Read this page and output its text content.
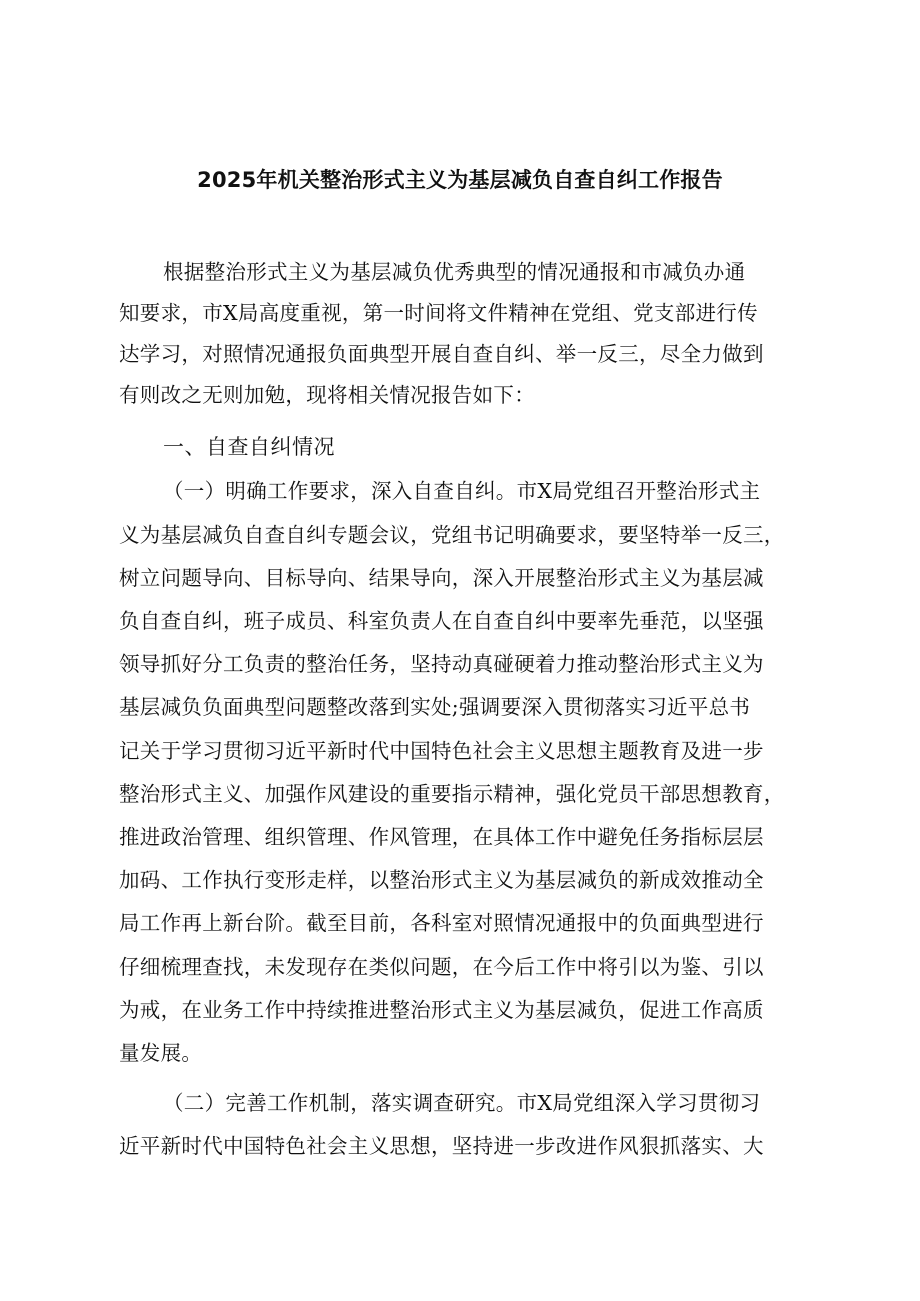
2025年机关整治形式主义为基层减负自查自纠工作报告
根据整治形式主义为基层减负优秀典型的情况通报和市减负办通
知要求，市X局高度重视，第一时间将文件精神在党组、党支部进行传
达学习，对照情况通报负面典型开展自查自纠、举一反三，尽全力做到
有则改之无则加勉，现将相关情况报告如下：
一、自查自纠情况
（一）明确工作要求，深入自查自纠。市X局党组召开整治形式主
义为基层减负自查自纠专题会议，党组书记明确要求，要坚特举一反三，
树立问题导向、目标导向、结果导向，深入开展整治形式主义为基层减
负自查自纠，班子成员、科室负责人在自查自纠中要率先垂范，以坚强
领导抓好分工负责的整治任务，坚持动真碰硬着力推动整治形式主义为
基层减负负面典型问题整改落到实处;强调要深入贯彻落实习近平总书
记关于学习贯彻习近平新时代中国特色社会主义思想主题教育及进一步
整治形式主义、加强作风建设的重要指示精神，强化党员干部思想教育，
推进政治管理、组织管理、作风管理，在具体工作中避免任务指标层层
加码、工作执行变形走样，以整治形式主义为基层减负的新成效推动全
局工作再上新台阶。截至目前，各科室对照情况通报中的负面典型进行
仔细梳理查找，未发现存在类似问题，在今后工作中将引以为鉴、引以
为戒，在业务工作中持续推进整治形式主义为基层减负，促进工作高质
量发展。
（二）完善工作机制，落实调查研究。市X局党组深入学习贯彻习
近平新时代中国特色社会主义思想，坚持进一步改进作风狠抓落实、大
